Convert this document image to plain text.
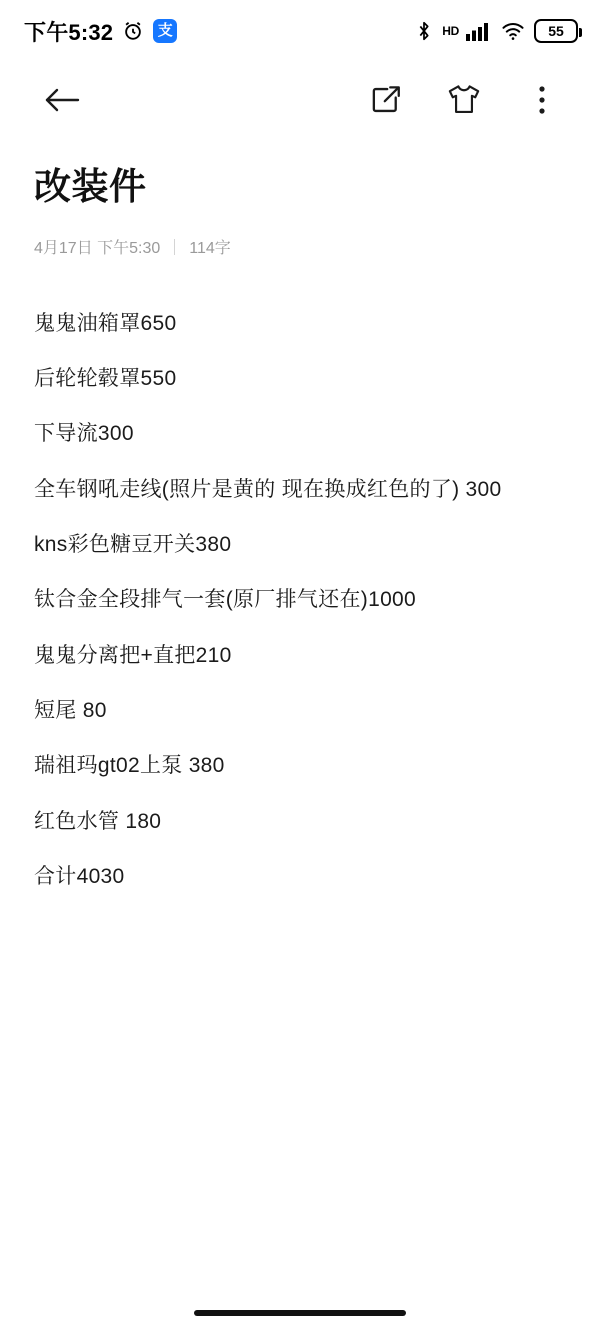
下午5:32	支	HD	55
改装件
4月17日 下午5:30 114字
鬼鬼油箱罩650
后轮轮毂罩550
下导流300
全车钢吼走线(照片是黄的 现在换成红色的了) 300
kns彩色糖豆开关380
钛合金全段排气一套(原厂排气还在)1000
鬼鬼分离把+直把210
短尾 80
瑞祖玛gt02上泵 380
红色水管 180
合计4030
